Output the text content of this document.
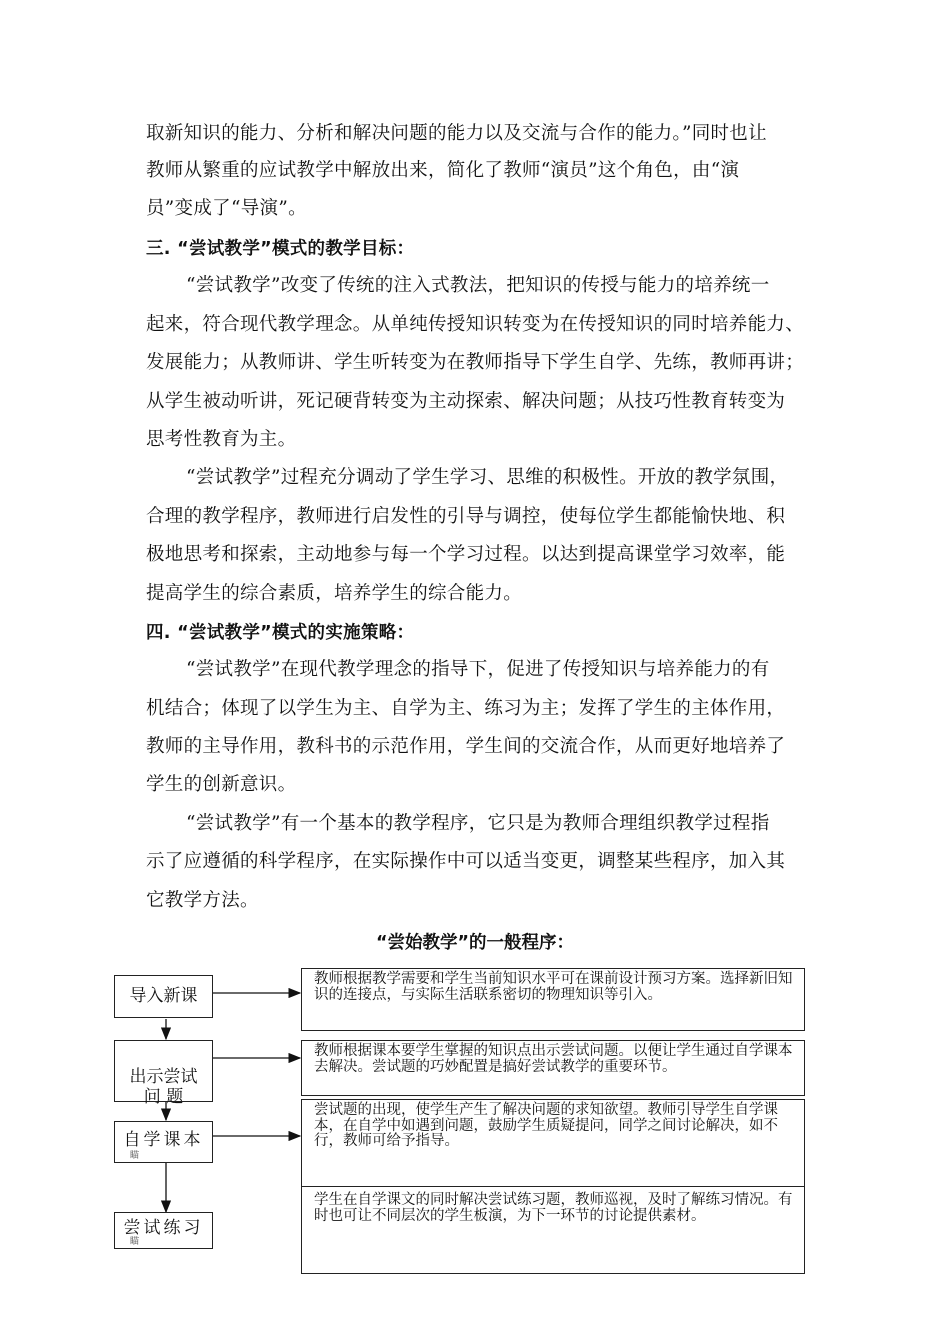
取新知识的能力、分析和解决问题的能力以及交流与合作的能力。”同时也让
教师从繁重的应试教学中解放出来，简化了教师“演员”这个角色，由“演
员”变成了“导演”。
三. “尝试教学”模式的教学目标：
“尝试教学”改变了传统的注入式教法，把知识的传授与能力的培养统一
起来，符合现代教学理念。从单纯传授知识转变为在传授知识的同时培养能力、
发展能力；从教师讲、学生听转变为在教师指导下学生自学、先练，教师再讲；
从学生被动听讲，死记硬背转变为主动探索、解决问题；从技巧性教育转变为
思考性教育为主。
“尝试教学”过程充分调动了学生学习、思维的积极性。开放的教学氛围，
合理的教学程序，教师进行启发性的引导与调控，使每位学生都能愉快地、积
极地思考和探索，主动地参与每一个学习过程。以达到提高课堂学习效率，能
提高学生的综合素质，培养学生的综合能力。
四. “尝试教学”模式的实施策略：
“尝试教学”在现代教学理念的指导下，促进了传授知识与培养能力的有
机结合；体现了以学生为主、自学为主、练习为主；发挥了学生的主体作用，
教师的主导作用，教科书的示范作用，学生间的交流合作，从而更好地培养了
学生的创新意识。
“尝试教学”有一个基本的教学程序，它只是为教师合理组织教学过程指
示了应遵循的科学程序，在实际操作中可以适当变更，调整某些程序，加入其
它教学方法。
“尝始教学”的一般程序：
导入新课

出示尝试
问 题

自学课本
瞄
尝试练习
瞄
教师根据教学需要和学生当前知识水平可在课前设计预习方案。选择新旧知识的连接点，与实际生活联系密切的物理知识等引入。
教师根据课本要学生掌握的知识点出示尝试问题。以便让学生通过自学课本去解决。尝试题的巧妙配置是搞好尝试教学的重要环节。
尝试题的出现，使学生产生了解决问题的求知欲望。教师引导学生自学课本，在自学中如遇到问题，鼓励学生质疑提问，同学之间讨论解决，如不行，教师可给予指导。
学生在自学课文的同时解决尝试练习题，教师巡视，及时了解练习情况。有时也可让不同层次的学生板演，为下一环节的讨论提供素材。
